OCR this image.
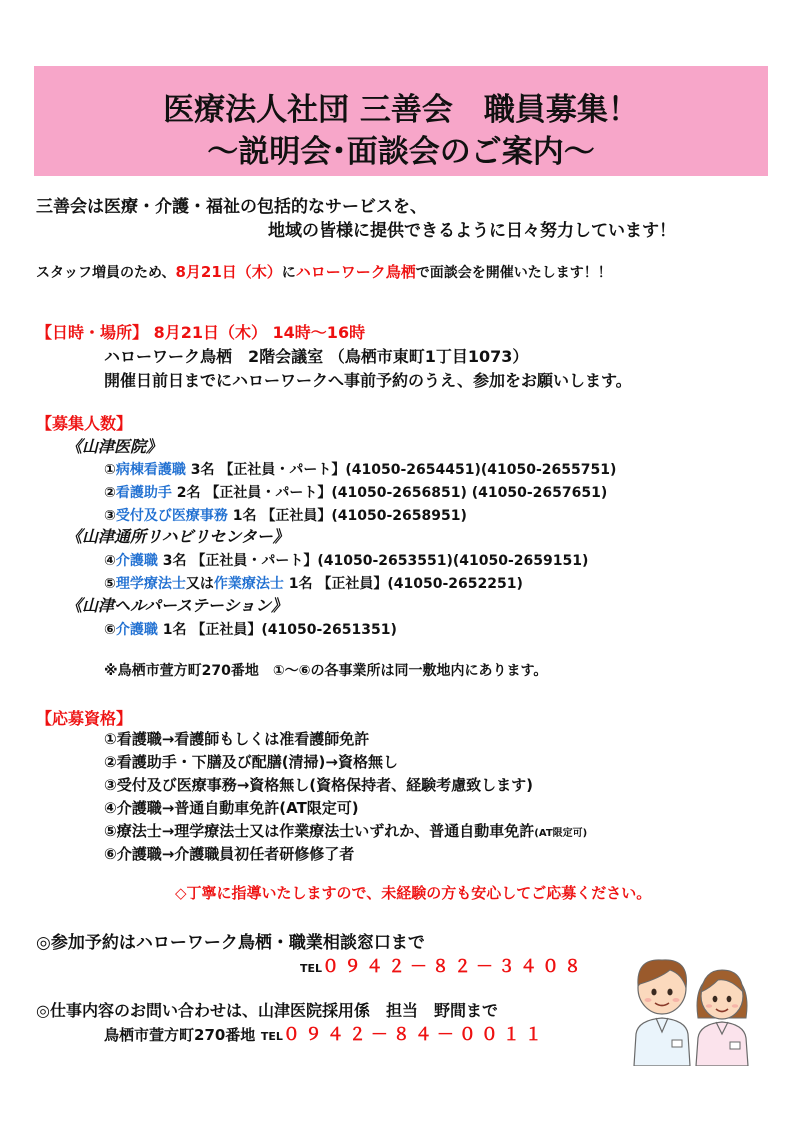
医療法人社団 三善会　職員募集！
～説明会･面談会のご案内～
三善会は医療・介護・福祉の包括的なサービスを、
地域の皆様に提供できるように日々努力しています！
スタッフ増員のため、8月21日（木）にハローワーク鳥栖で面談会を開催いたします！！
【日時・場所】 8月21日（木） 14時～16時
ハローワーク鳥栖　2階会議室 （鳥栖市東町1丁目1073）
開催日前日までにハローワークへ事前予約のうえ、参加をお願いします。
【募集人数】
《山津医院》
①病棟看護職 3名 【正社員・パート】(41050-2654451)(41050-2655751)
②看護助手 2名 【正社員・パート】(41050-2656851) (41050-2657651)
③受付及び医療事務 1名 【正社員】(41050-2658951)
《山津通所リハビリセンター》
④介護職 3名 【正社員・パート】(41050-2653551)(41050-2659151)
⑤理学療法士又は作業療法士 1名 【正社員】(41050-2652251)
《山津ヘルパーステーション》
⑥介護職 1名 【正社員】(41050-2651351)
※鳥栖市萱方町270番地　①～⑥の各事業所は同一敷地内にあります。
【応募資格】
①看護職→看護師もしくは准看護師免許
②看護助手・下膳及び配膳(清掃)→資格無し
③受付及び医療事務→資格無し(資格保持者、経験考慮致します)
④介護職→普通自動車免許(AT限定可)
⑤療法士→理学療法士又は作業療法士いずれか、普通自動車免許(AT限定可)
⑥介護職→介護職員初任者研修修了者
◇丁寧に指導いたしますので、未経験の方も安心してご応募ください。
◎参加予約はハローワーク鳥栖・職業相談窓口まで
TEL０９４２－８２－３４０８
◎仕事内容のお問い合わせは、山津医院採用係　担当　野間まで
鳥栖市萱方町270番地 TEL０９４２－８４－００１１
